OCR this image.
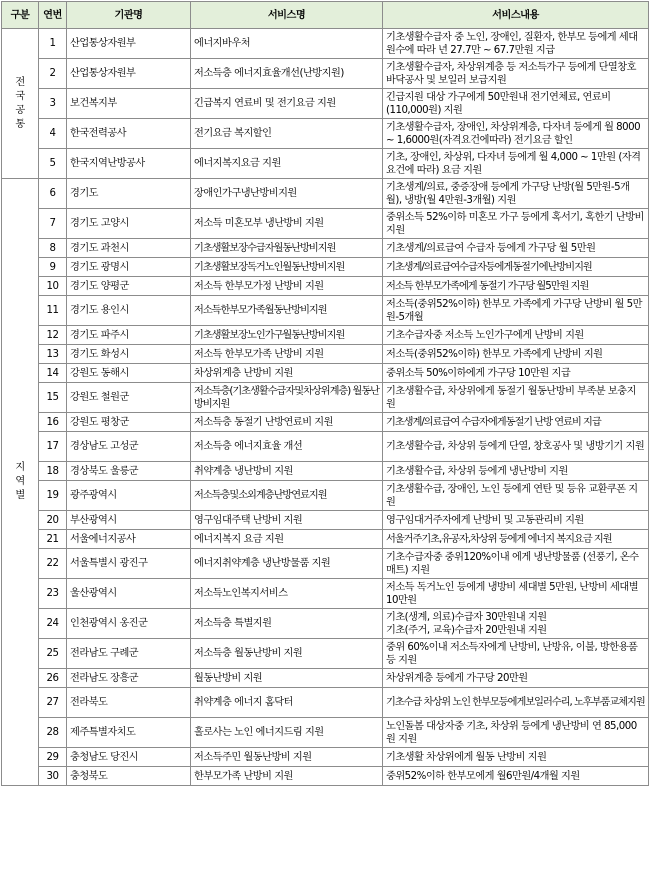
구분	연번	기관명	서비스명	서비스내용
전국공통	1	산업통상자원부	에너지바우처	기초생활수급자 중 노인, 장애인, 질환자, 한부모 등에게 세대원수에 따라 년 27.7만 ~ 67.7만원 지급
	2	산업통상자원부	저소득층 에너지효율개선(난방지원)	기초생활수급자, 차상위계층 등 저소득가구 등에게 단열창호바닥공사 및 보일러 보급지원
	3	보건복지부	긴급복지 연료비 및 전기요금 지원	긴급지원 대상 가구에게 50만원내 전기연체료, 연료비(110,000원) 지원
	4	한국전력공사	전기요금 복지할인	기초생활수급자, 장애인, 차상위계층, 다자녀 등에게 월 8000 ~ 1,6000원(자격요건에따라) 전기요금 할인
	5	한국지역난방공사	에너지복지요금 지원	기초, 장애인, 차상위, 다자녀 등에게 월 4,000 ~ 1만원 (자격요건에 따라) 요금 지원
지역별	6	경기도	장애인가구냉난방비지원	기초생계/의료, 중증장애 등에게 가구당 난방(월 5만원-5개월), 냉방(월 4만원-3개월) 지원
	7	경기도 고양시	저소득 미혼모부 냉난방비 지원	중위소득 52%이하 미혼모 가구 등에게 혹서기, 혹한기 난방비 지원
	8	경기도 과천시	기초생활보장수급자월동난방비지원	기초생계/의료급여 수급자 등에게 가구당 월 5만원
	9	경기도 광명시	기초생활보장독거노인월동난방비지원	기초생계/의료급여수급자등에게동절기에난방비지원
	10	경기도 양평군	저소득 한부모가정 난방비 지원	저소득 한부모가족에게 동절기 가구당 월5만원 지원
	11	경기도 용인시	저소득한부모가족월동난방비지원	저소득(중위52%이하) 한부모 가족에게 가구당 난방비 월 5만원-5개월
	12	경기도 파주시	기초생활보장노인가구월동난방비지원	기초수급자중 저소득 노인가구에게 난방비 지원
	13	경기도 화성시	저소득 한부모가족 난방비 지원	저소득(중위52%이하) 한부모 가족에게 난방비 지원
	14	강원도 동해시	차상위계층 난방비 지원	중위소득 50%이하에게 가구당 10만원 지급
	15	강원도 철원군	저소득층(기초생활수급자및차상위계층) 월동난방비지원	기초생활수급, 차상위에게 동절기 월동난방비 부족분 보충지원
	16	강원도 평창군	저소득층 동절기 난방연료비 지원	기초생계/의료급여 수급자에게동절기 난방 연료비 지급
	17	경상남도 고성군	저소득층 에너지효율 개선	기초생활수급, 차상위 등에게 단열, 창호공사 및 냉방기기 지원
	18	경상북도 울릉군	취약계층 냉난방비 지원	기초생활수급, 차상위 등에게 냉난방비 지원
	19	광주광역시	저소득층및소외계층난방연료지원	기초생활수급, 장애인, 노인 등에게 연탄 및 등유 교환쿠폰 지원
	20	부산광역시	영구임대주택 난방비 지원	영구임대거주자에게 난방비 및 고동관리비 지원
	21	서울에너지공사	에너지복지 요금 지원	서울거주기초,유공자,차상위 등에게 에너지 복지요금 지원
	22	서울특별시 광진구	에너지취약계층 냉난방물품 지원	기초수급자중 중위120%이내 에게 냉난방물품 (선풍기, 온수매트) 지원
	23	울산광역시	저소득노인복지서비스	저소득 독거노인 등에게 냉방비 세대별 5만원, 난방비 세대별 10만원
	24	인천광역시 옹진군	저소득층 특별지원	기초(생계, 의료)수급자 30만원내 지원
기초(주거, 교육)수급자 20만원내 지원
	25	전라남도 구례군	저소득층 월동난방비 지원	중위 60%이내 저소득자에게 난방비, 난방유, 이불, 방한용품 등 지원
	26	전라남도 장흥군	월동난방비 지원	차상위계층 등에게 가구당 20만원
	27	전라북도	취약계층 에너지 홈닥터	기초수급 차상위 노인 한부모등에게보일러수리, 노후부품교체지원
	28	제주특별자치도	홀로사는 노인 에너지드림 지원	노인돌봄 대상자중 기초, 차상위 등에게 냉난방비 연 85,000원 지원
	29	충청남도 당진시	저소득주민 월동난방비 지원	기초생활 차상위에게 월동 난방비 지원
	30	충청북도	한부모가족 난방비 지원	중위52%이하 한부모에게 월6만원/4개월 지원
